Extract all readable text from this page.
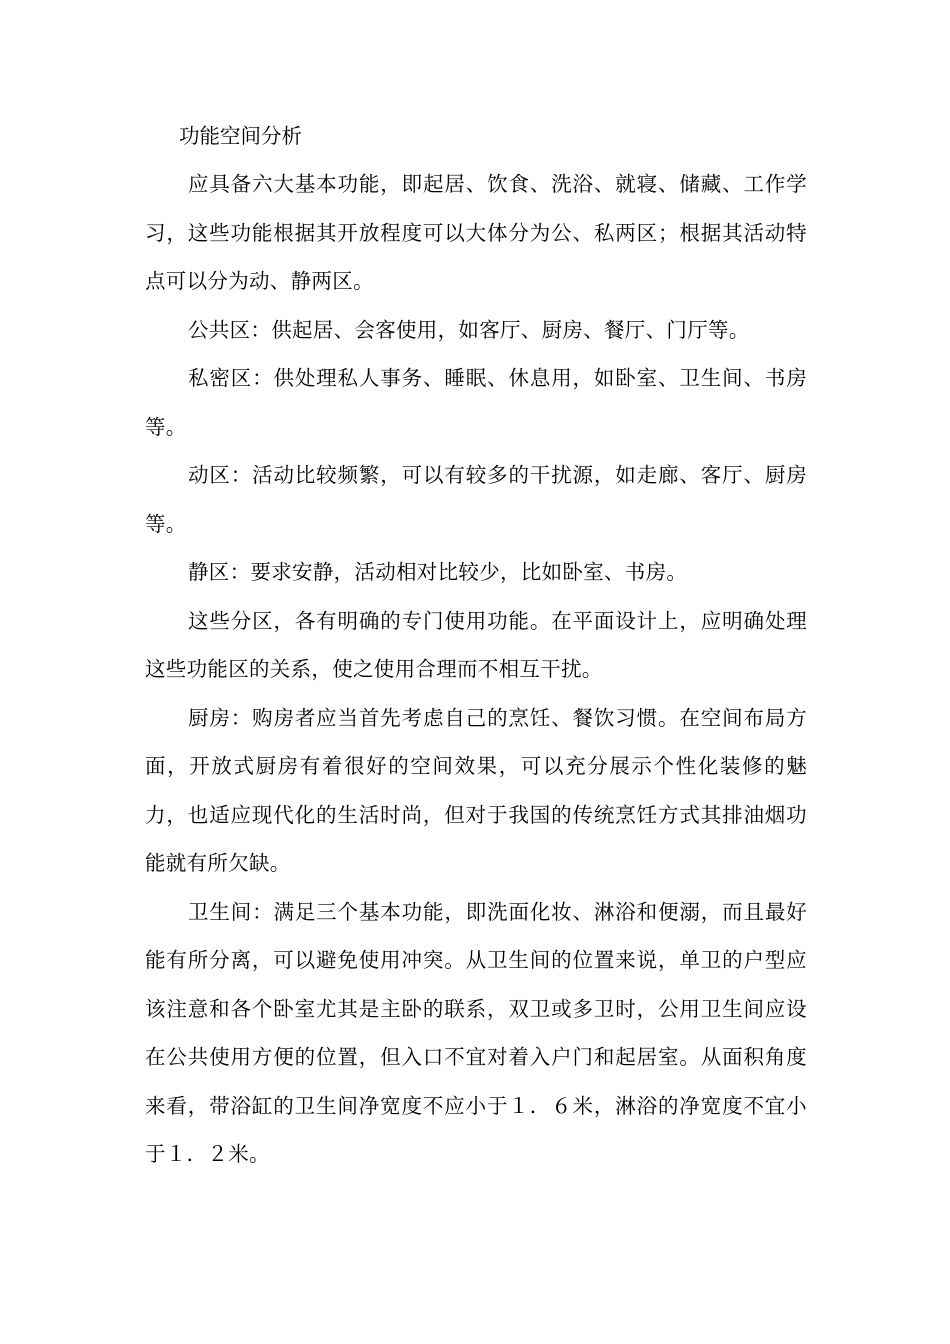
功能空间分析

应具备六大基本功能，即起居、饮食、洗浴、就寝、储藏、工作学习，这些功能根据其开放程度可以大体分为公、私两区；根据其活动特点可以分为动、静两区。

公共区：供起居、会客使用，如客厅、厨房、餐厅、门厅等。

私密区：供处理私人事务、睡眠、休息用，如卧室、卫生间、书房等。

动区：活动比较频繁，可以有较多的干扰源，如走廊、客厅、厨房等。

静区：要求安静，活动相对比较少，比如卧室、书房。

这些分区，各有明确的专门使用功能。在平面设计上，应明确处理这些功能区的关系，使之使用合理而不相互干扰。

厨房：购房者应当首先考虑自己的烹饪、餐饮习惯。在空间布局方面，开放式厨房有着很好的空间效果，可以充分展示个性化装修的魅力，也适应现代化的生活时尚，但对于我国的传统烹饪方式其排油烟功能就有所欠缺。

卫生间：满足三个基本功能，即洗面化妆、淋浴和便溺，而且最好能有所分离，可以避免使用冲突。从卫生间的位置来说，单卫的户型应该注意和各个卧室尤其是主卧的联系，双卫或多卫时，公用卫生间应设在公共使用方便的位置，但入口不宜对着入户门和起居室。从面积角度来看，带浴缸的卫生间净宽度不应小于１．６米，淋浴的净宽度不宜小于１．２米。
